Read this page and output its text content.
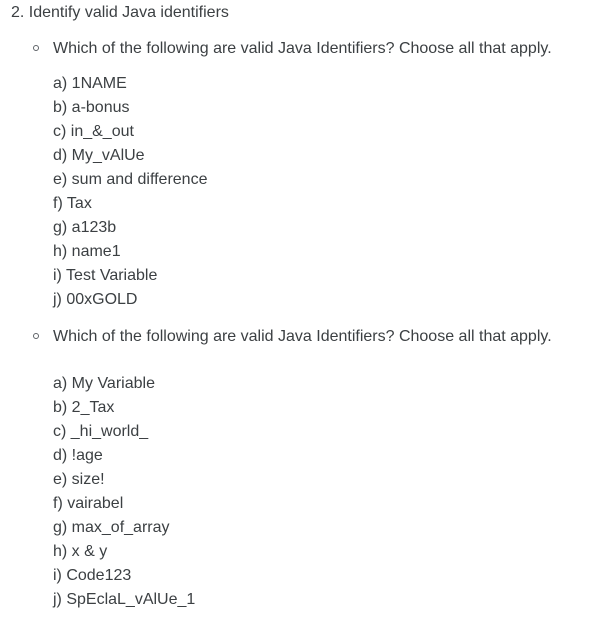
2. Identify valid Java identifiers
Which of the following are valid Java Identifiers? Choose all that apply.
a) 1NAME
b) a-bonus
c) in_&_out
d) My_vAlUe
e) sum and difference
f) Tax
g) a123b
h) name1
i) Test Variable
j) 00xGOLD
Which of the following are valid Java Identifiers? Choose all that apply.
a) My Variable
b) 2_Tax
c) _hi_world_
d) !age
e) size!
f) vairabel
g) max_of_array
h) x & y
i) Code123
j) SpEclaL_vAlUe_1
